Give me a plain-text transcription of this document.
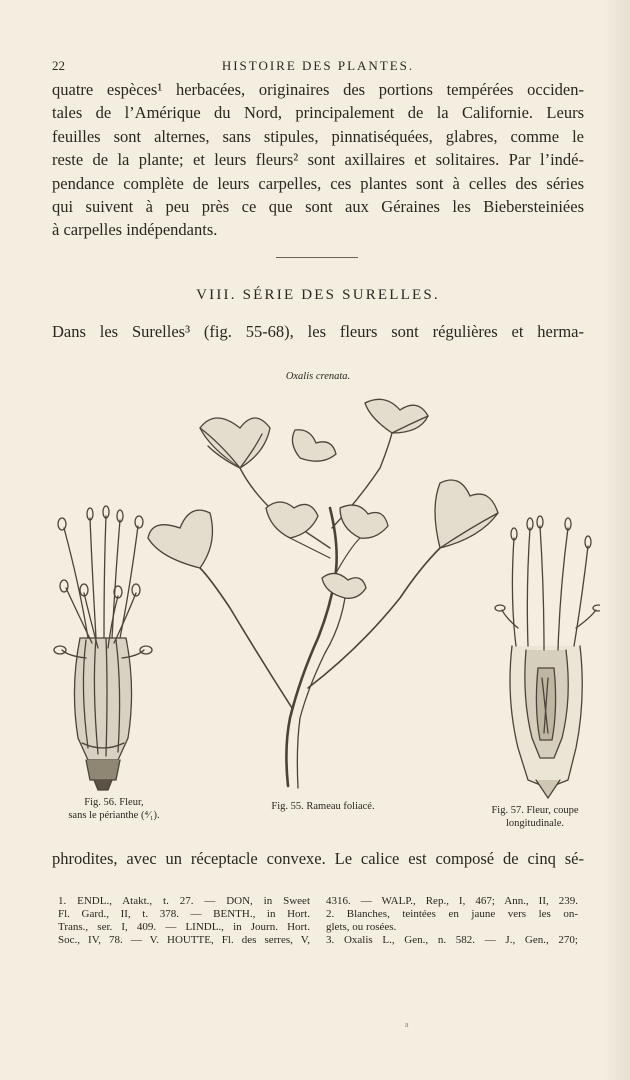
22	HISTOIRE DES PLANTES.
quatre espèces¹ herbacées, originaires des portions tempérées occiden-
tales de l’Amérique du Nord, principalement de la Californie. Leurs
feuilles sont alternes, sans stipules, pinnatiséquées, glabres, comme le
reste de la plante; et leurs fleurs² sont axillaires et solitaires. Par l’indé-
pendance complète de leurs carpelles, ces plantes sont à celles des séries
qui suivent à peu près ce que sont aux Géraines les Biebersteiniées
à carpelles indépendants.
VIII. SÉRIE DES SURELLES.
Dans les Surelles³ (fig. 55-68), les fleurs sont régulières et herma-
Oxalis crenata.
Fig. 56. Fleur,
sans le périanthe (⁴⁄₁).
Fig. 55. Rameau foliacé.	Fig. 57. Fleur, coupe
longitudinale.
phrodites, avec un réceptacle convexe. Le calice est composé de cinq sé-
1. ENDL., Atakt., t. 27. — DON, in Sweet
Fl. Gard., II, t. 378. — BENTH., in Hort.
Trans., ser. I, 409. — LINDL., in Journ. Hort.
Soc., IV, 78. — V. HOUTTE, Fl. des serres, V,
4316. — WALP., Rep., I, 467; Ann., II, 239.
2. Blanches, teintées en jaune vers les on-
glets, ou rosées.
3. Oxalis L., Gen., n. 582. — J., Gen., 270;
a
